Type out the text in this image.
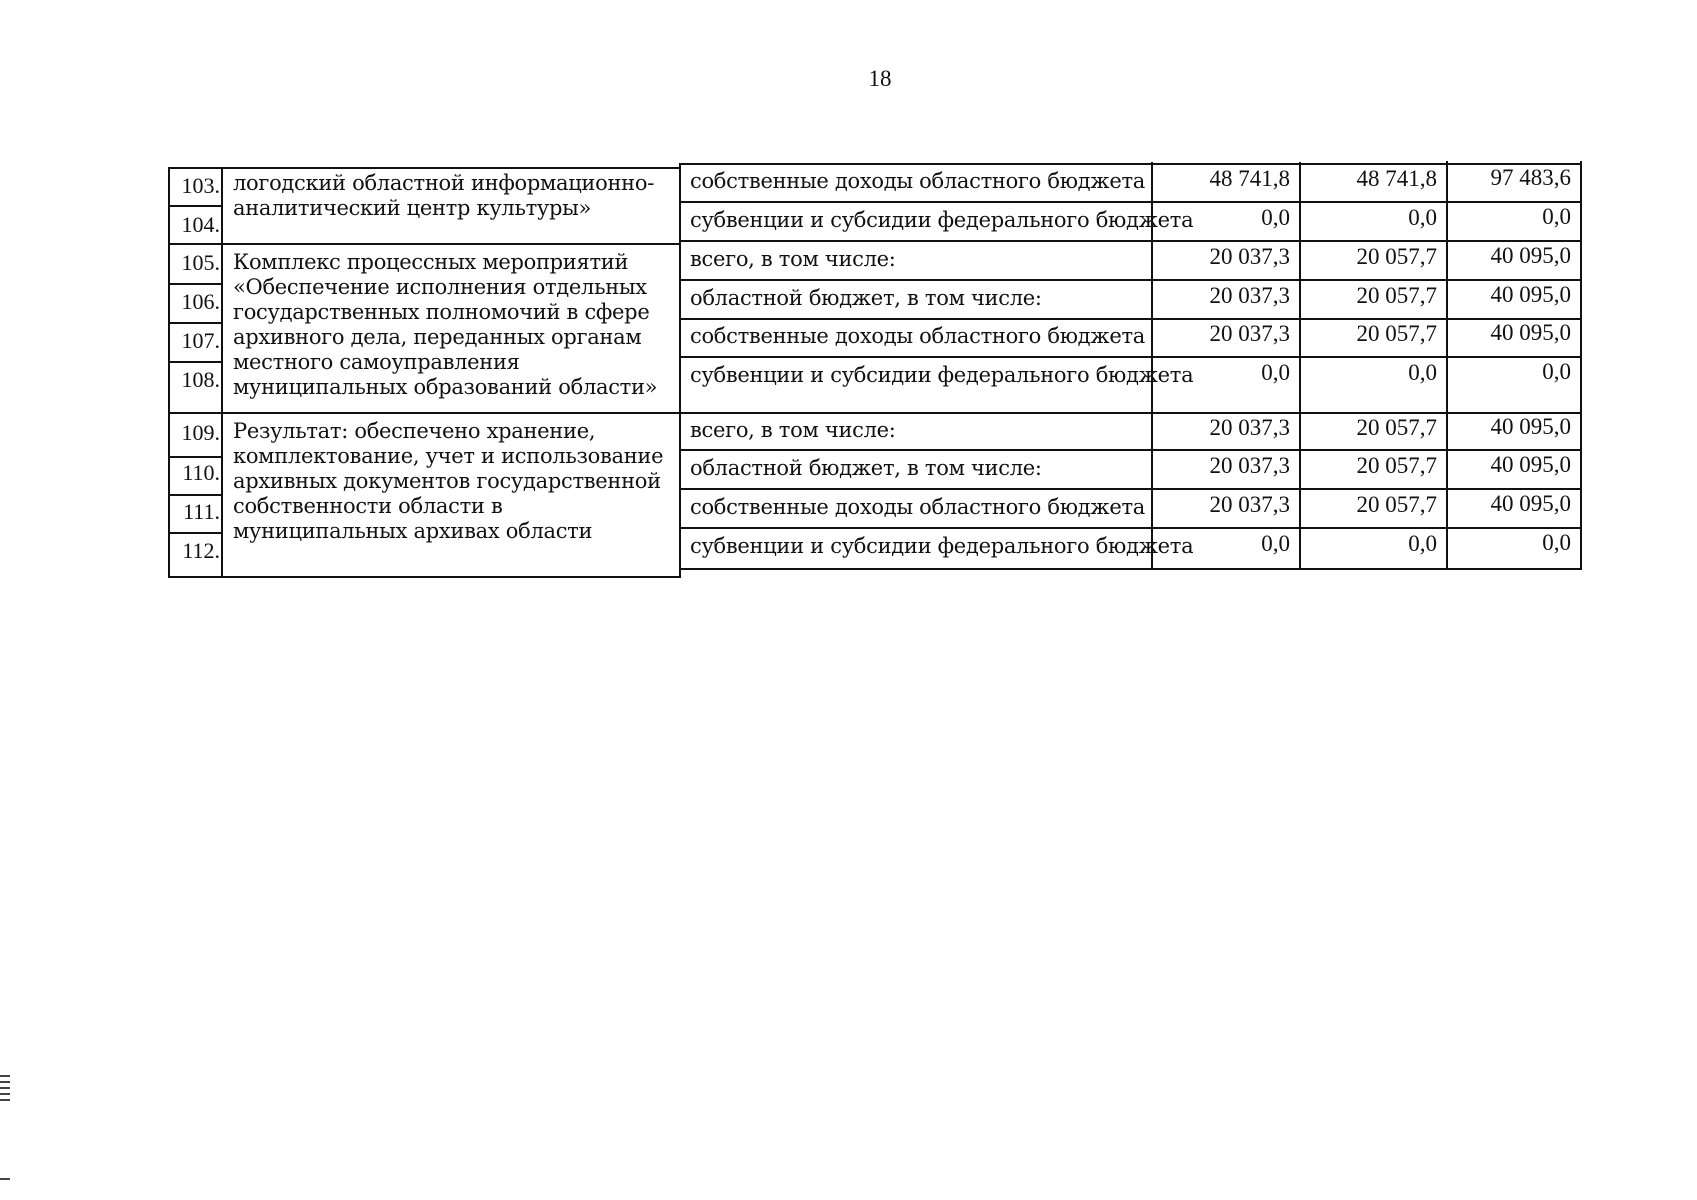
18
103.
104.
105.
106.
107.
108.
109.
110.
111.
112.
логодский областной информационно-аналитический центр культуры»
Комплекс процессных мероприятий «Обеспечение исполнения отдельных государственных полномочий в сфере архивного дела, переданных органам местного самоуправления муниципальных образований области»
Результат: обеспечено хранение, комплектование, учет и использование архивных документов государственной собственности области в муниципальных архивах области
собственные доходы областного бюджета
субвенции и субсидии федерального бюджета
всего, в том числе:
областной бюджет, в том числе:
собственные доходы областного бюджета
субвенции и субсидии федерального бюджета
всего, в том числе:
областной бюджет, в том числе:
собственные доходы областного бюджета
субвенции и субсидии федерального бюджета
48 741,8
0,0
20 037,3
20 037,3
20 037,3
0,0
20 037,3
20 037,3
20 037,3
0,0
48 741,8
0,0
20 057,7
20 057,7
20 057,7
0,0
20 057,7
20 057,7
20 057,7
0,0
97 483,6
0,0
40 095,0
40 095,0
40 095,0
0,0
40 095,0
40 095,0
40 095,0
0,0
